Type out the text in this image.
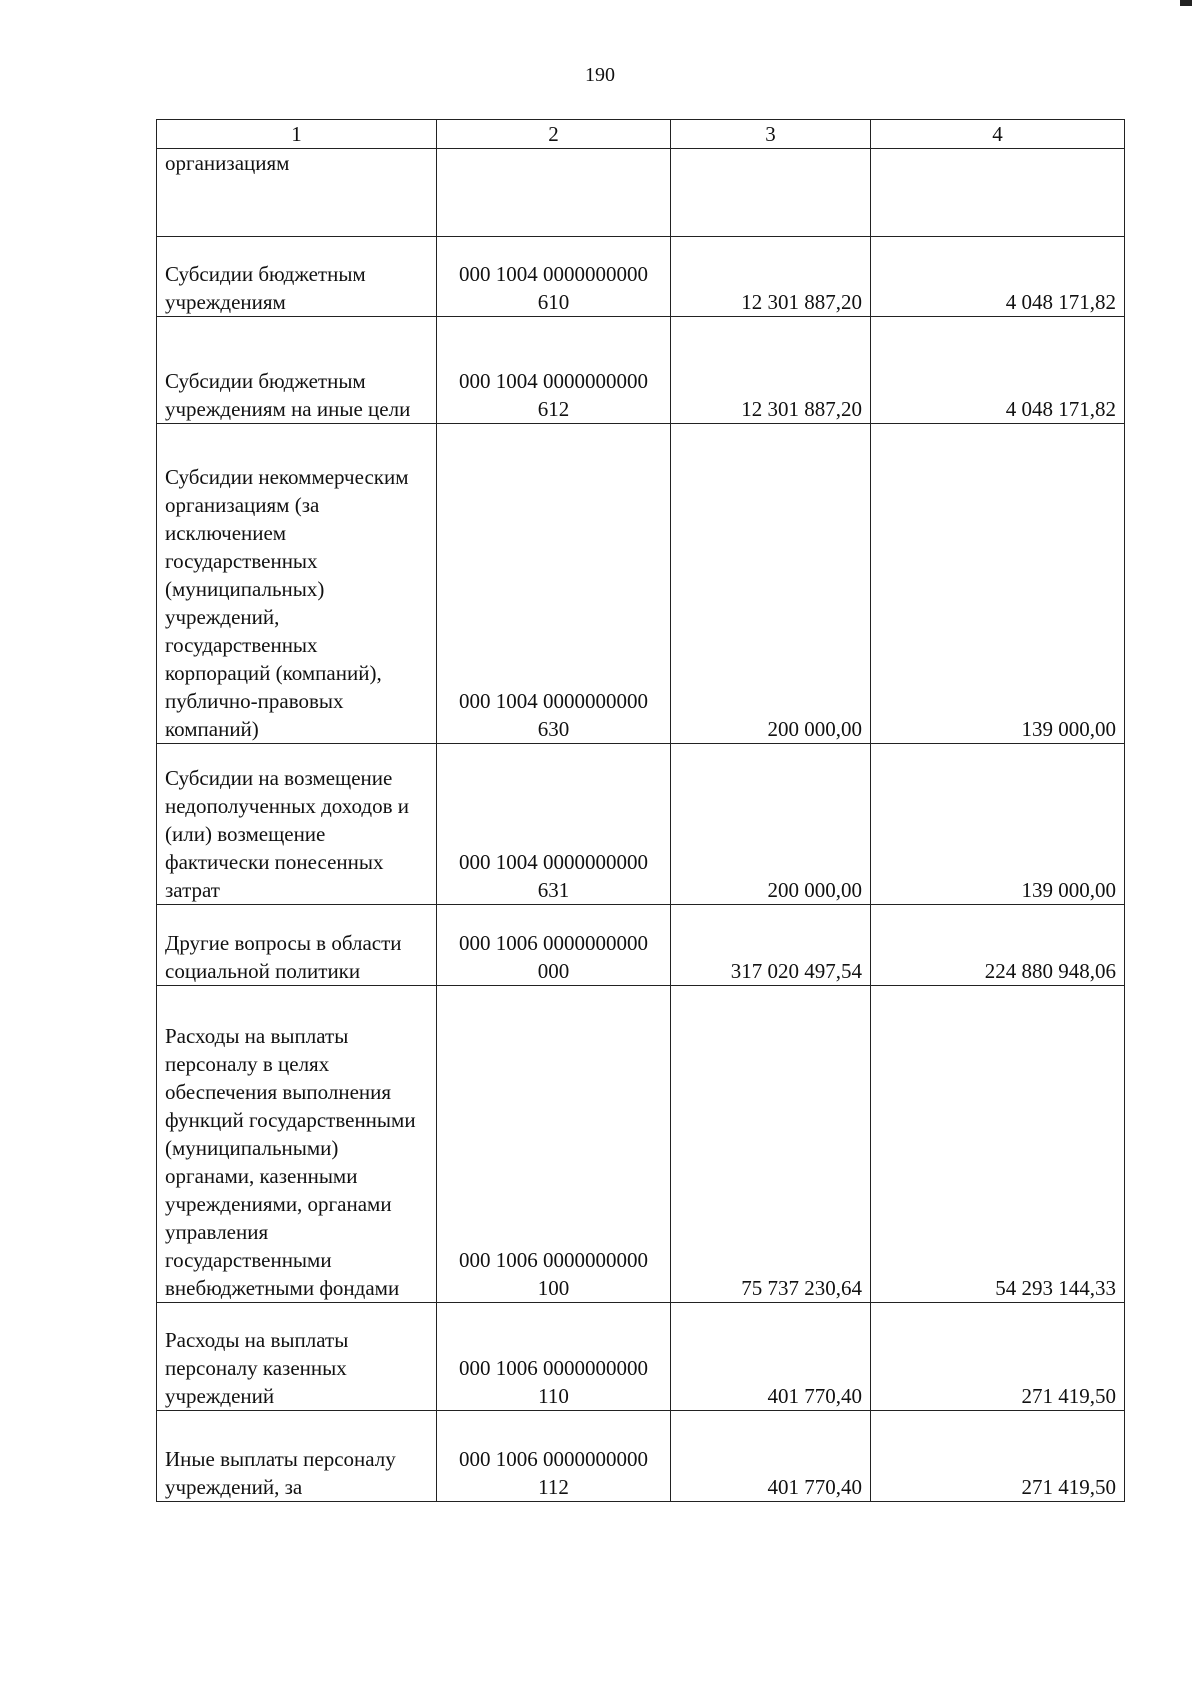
190
1	2	3	4
организациям			
Субсидии бюджетным учреждениям	000 1004 0000000000 610	12 301 887,20	4 048 171,82
Субсидии бюджетным учреждениям на иные цели	000 1004 0000000000 612	12 301 887,20	4 048 171,82
Субсидии некоммерческим организациям (за исключением государственных (муниципальных) учреждений, государственных корпораций (компаний), публично-правовых компаний)	000 1004 0000000000 630	200 000,00	139 000,00
Субсидии на возмещение недополученных доходов и (или) возмещение фактически понесенных затрат	000 1004 0000000000 631	200 000,00	139 000,00
Другие вопросы в области социальной политики	000 1006 0000000000 000	317 020 497,54	224 880 948,06
Расходы на выплаты персоналу в целях обеспечения выполнения функций государственными (муниципальными) органами, казенными учреждениями, органами управления государственными внебюджетными фондами	000 1006 0000000000 100	75 737 230,64	54 293 144,33
Расходы на выплаты персоналу казенных учреждений	000 1006 0000000000 110	401 770,40	271 419,50
Иные выплаты персоналу учреждений, за	000 1006 0000000000 112	401 770,40	271 419,50
